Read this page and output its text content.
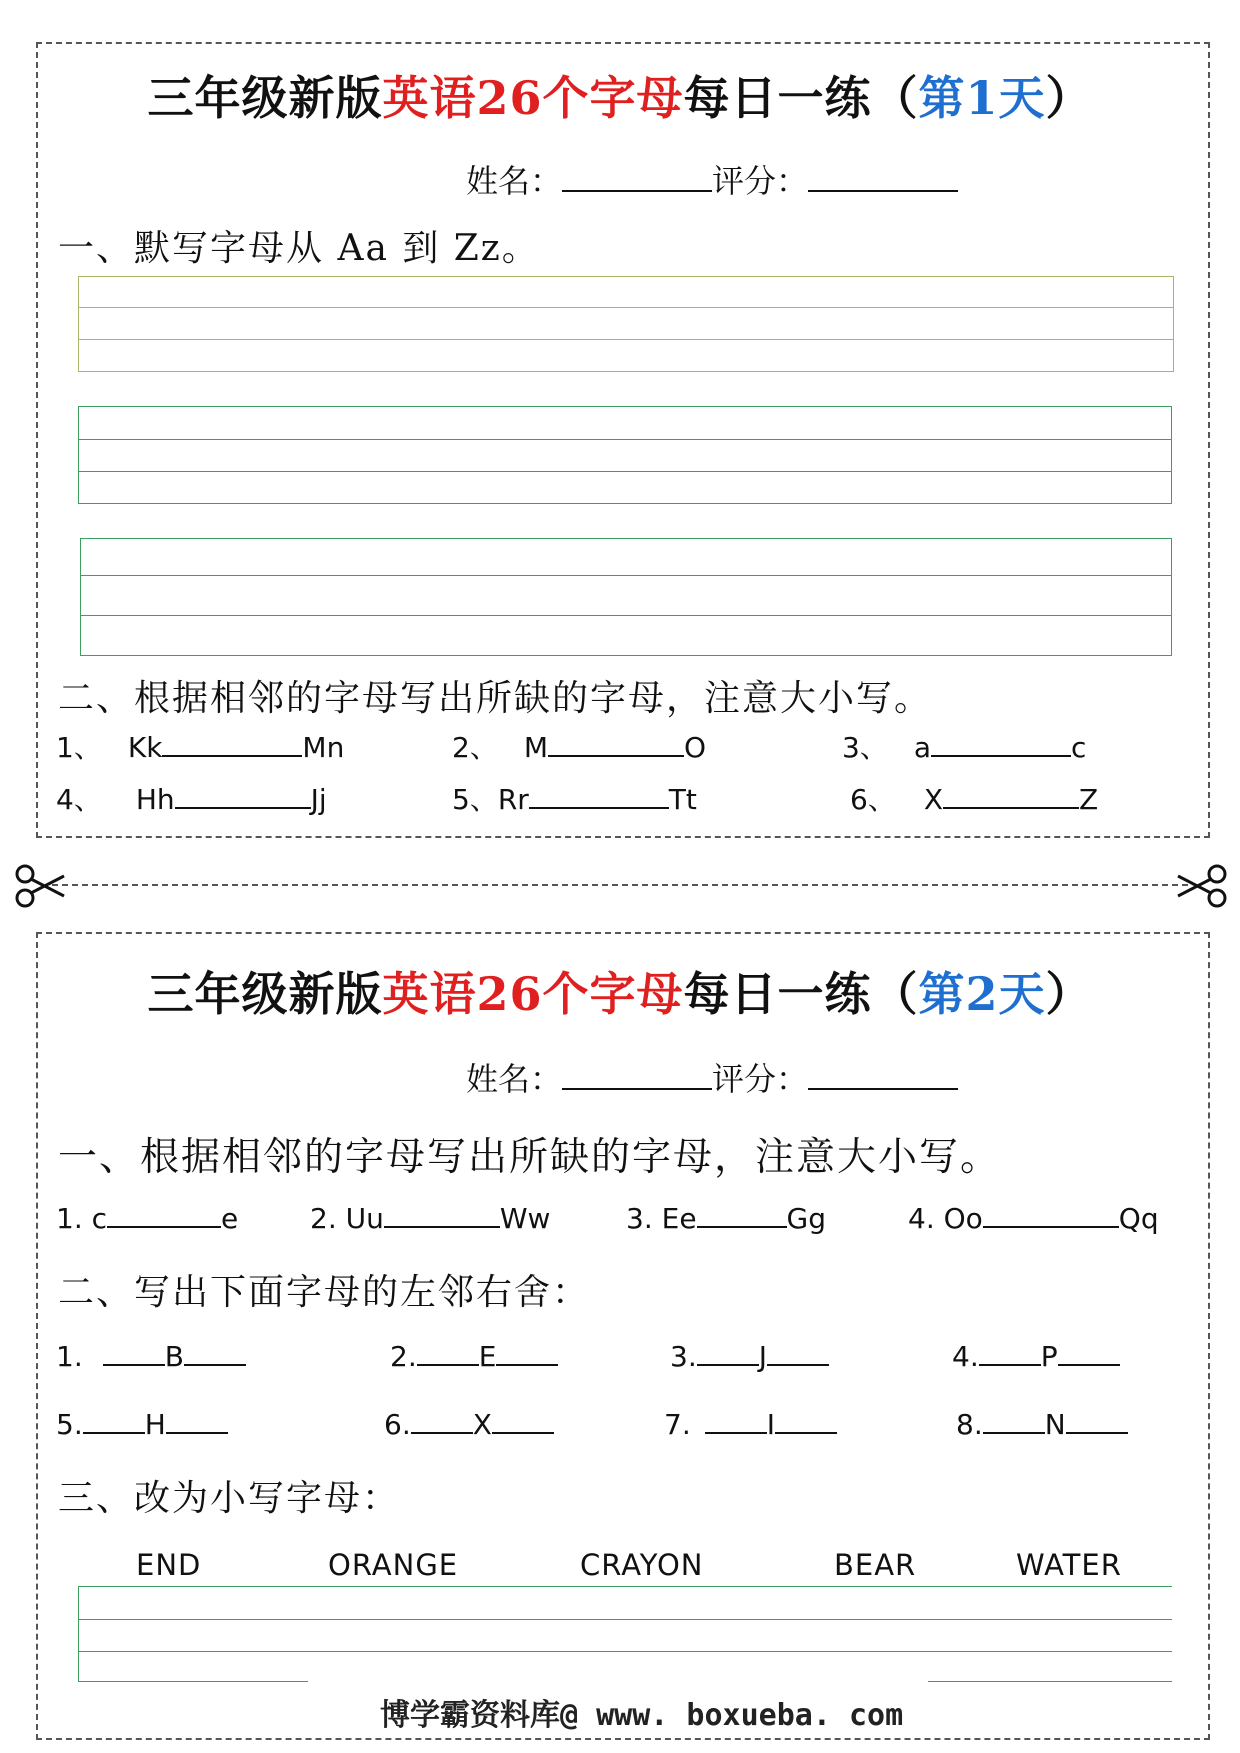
三年级新版英语26个字母每日一练（第1天）
姓名：	评分：
一、默写字母从 Aa 到 Zz。
二、根据相邻的字母写出所缺的字母，注意大小写。
1、 Kk	Mn	2、 M	O	3、 a	c
4、 Hh	Jj	5、Rr	Tt	6、 X	Z
三年级新版英语26个字母每日一练（第2天）
姓名：	评分：
一、根据相邻的字母写出所缺的字母，注意大小写。
1. c	e	2. Uu	Ww	3. Ee	Gg	4. Oo	Qq
二、写出下面字母的左邻右舍：
1.	B	2. E	3. J	4. P
5. H	6. X	7.	I	8. N
三、改为小写字母：
END	ORANGE	CRAYON	BEAR	WATER
博学霸资料库@ www. boxueba. com
